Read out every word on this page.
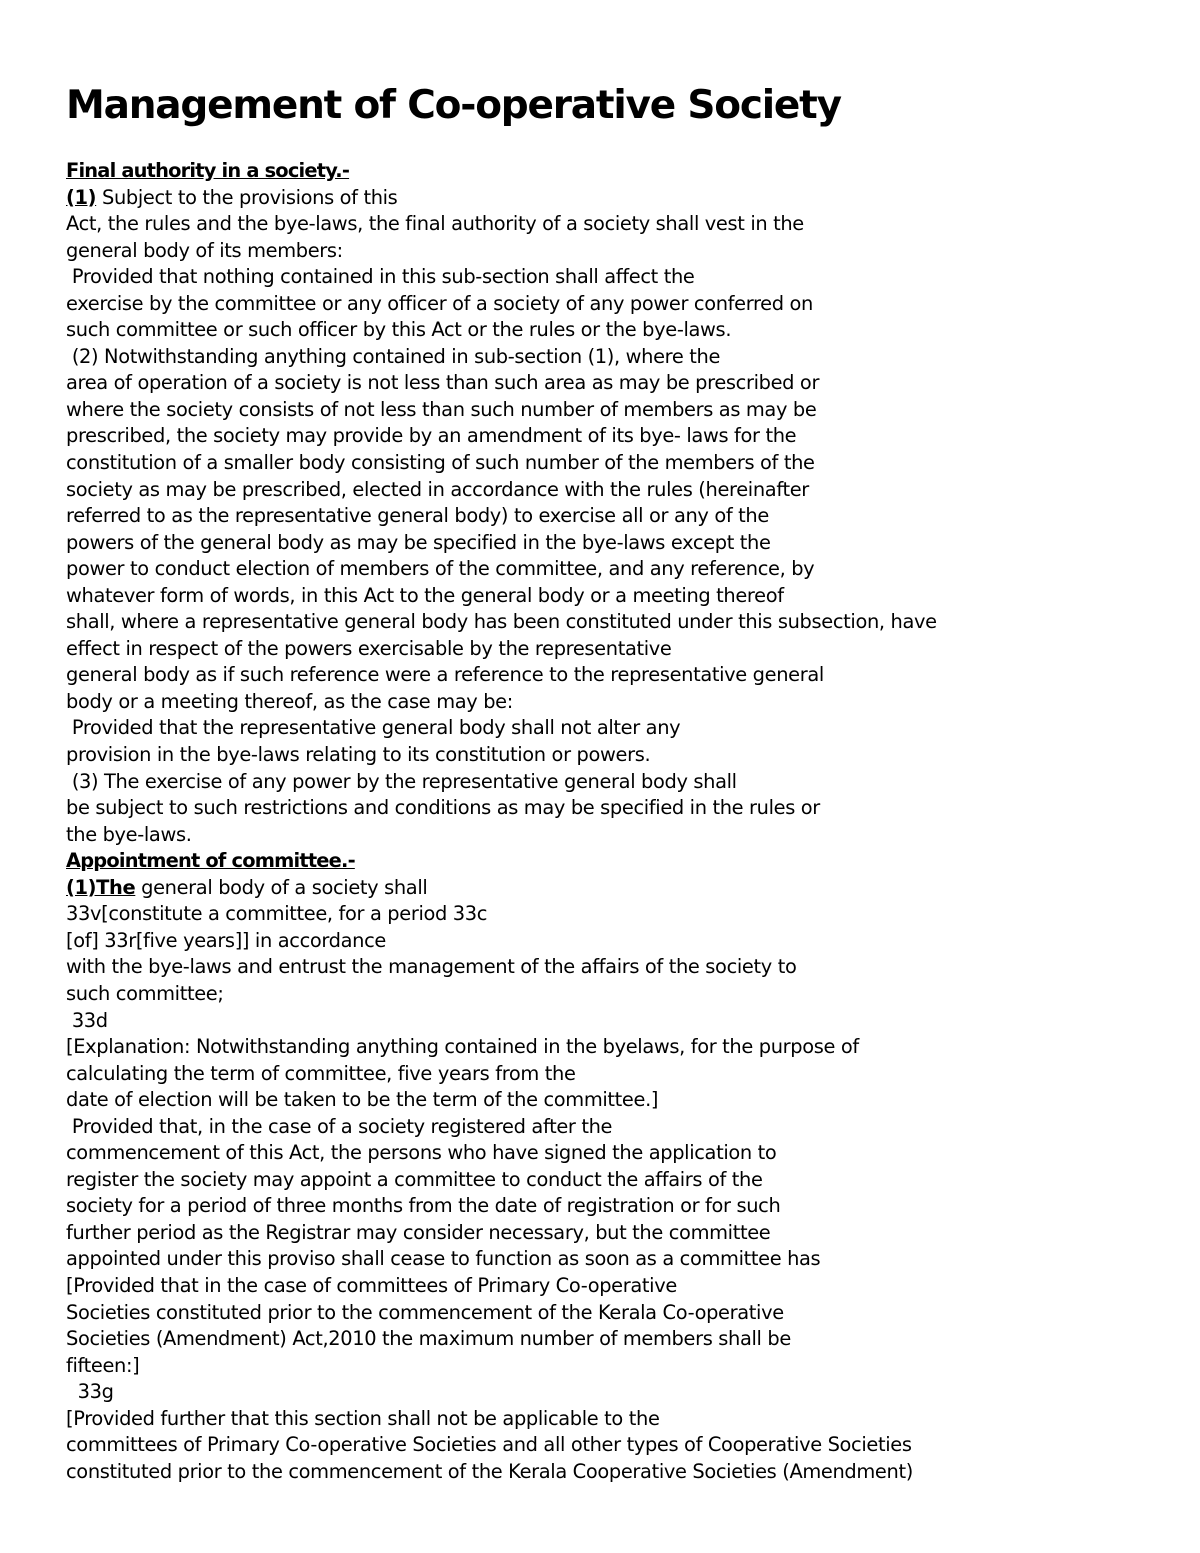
Management of Co-operative Society
Final authority in a society.-
(1) Subject to the provisions of this
Act, the rules and the bye-laws, the final authority of a society shall vest in the
general body of its members:
Provided that nothing contained in this sub-section shall affect the
exercise by the committee or any officer of a society of any power conferred on
such committee or such officer by this Act or the rules or the bye-laws.
(2) Notwithstanding anything contained in sub-section (1), where the
area of operation of a society is not less than such area as may be prescribed or
where the society consists of not less than such number of members as may be
prescribed, the society may provide by an amendment of its bye- laws for the
constitution of a smaller body consisting of such number of the members of the
society as may be prescribed, elected in accordance with the rules (hereinafter
referred to as the representative general body) to exercise all or any of the
powers of the general body as may be specified in the bye-laws except the
power to conduct election of members of the committee, and any reference, by
whatever form of words, in this Act to the general body or a meeting thereof
shall, where a representative general body has been constituted under this subsection, have
effect in respect of the powers exercisable by the representative
general body as if such reference were a reference to the representative general
body or a meeting thereof, as the case may be:
Provided that the representative general body shall not alter any
provision in the bye-laws relating to its constitution or powers.
(3) The exercise of any power by the representative general body shall
be subject to such restrictions and conditions as may be specified in the rules or
the bye-laws.
Appointment of committee.-
(1)The general body of a society shall
33v[constitute a committee, for a period 33c
[of] 33r[five years]] in accordance
with the bye-laws and entrust the management of the affairs of the society to
such committee;
33d
[Explanation: Notwithstanding anything contained in the byelaws, for the purpose of
calculating the term of committee, five years from the
date of election will be taken to be the term of the committee.]
Provided that, in the case of a society registered after the
commencement of this Act, the persons who have signed the application to
register the society may appoint a committee to conduct the affairs of the
society for a period of three months from the date of registration or for such
further period as the Registrar may consider necessary, but the committee
appointed under this proviso shall cease to function as soon as a committee has
[Provided that in the case of committees of Primary Co-operative
Societies constituted prior to the commencement of the Kerala Co-operative
Societies (Amendment) Act,2010 the maximum number of members shall be
fifteen:]
33g
[Provided further that this section shall not be applicable to the
committees of Primary Co-operative Societies and all other types of Cooperative Societies
constituted prior to the commencement of the Kerala Cooperative Societies (Amendment)
